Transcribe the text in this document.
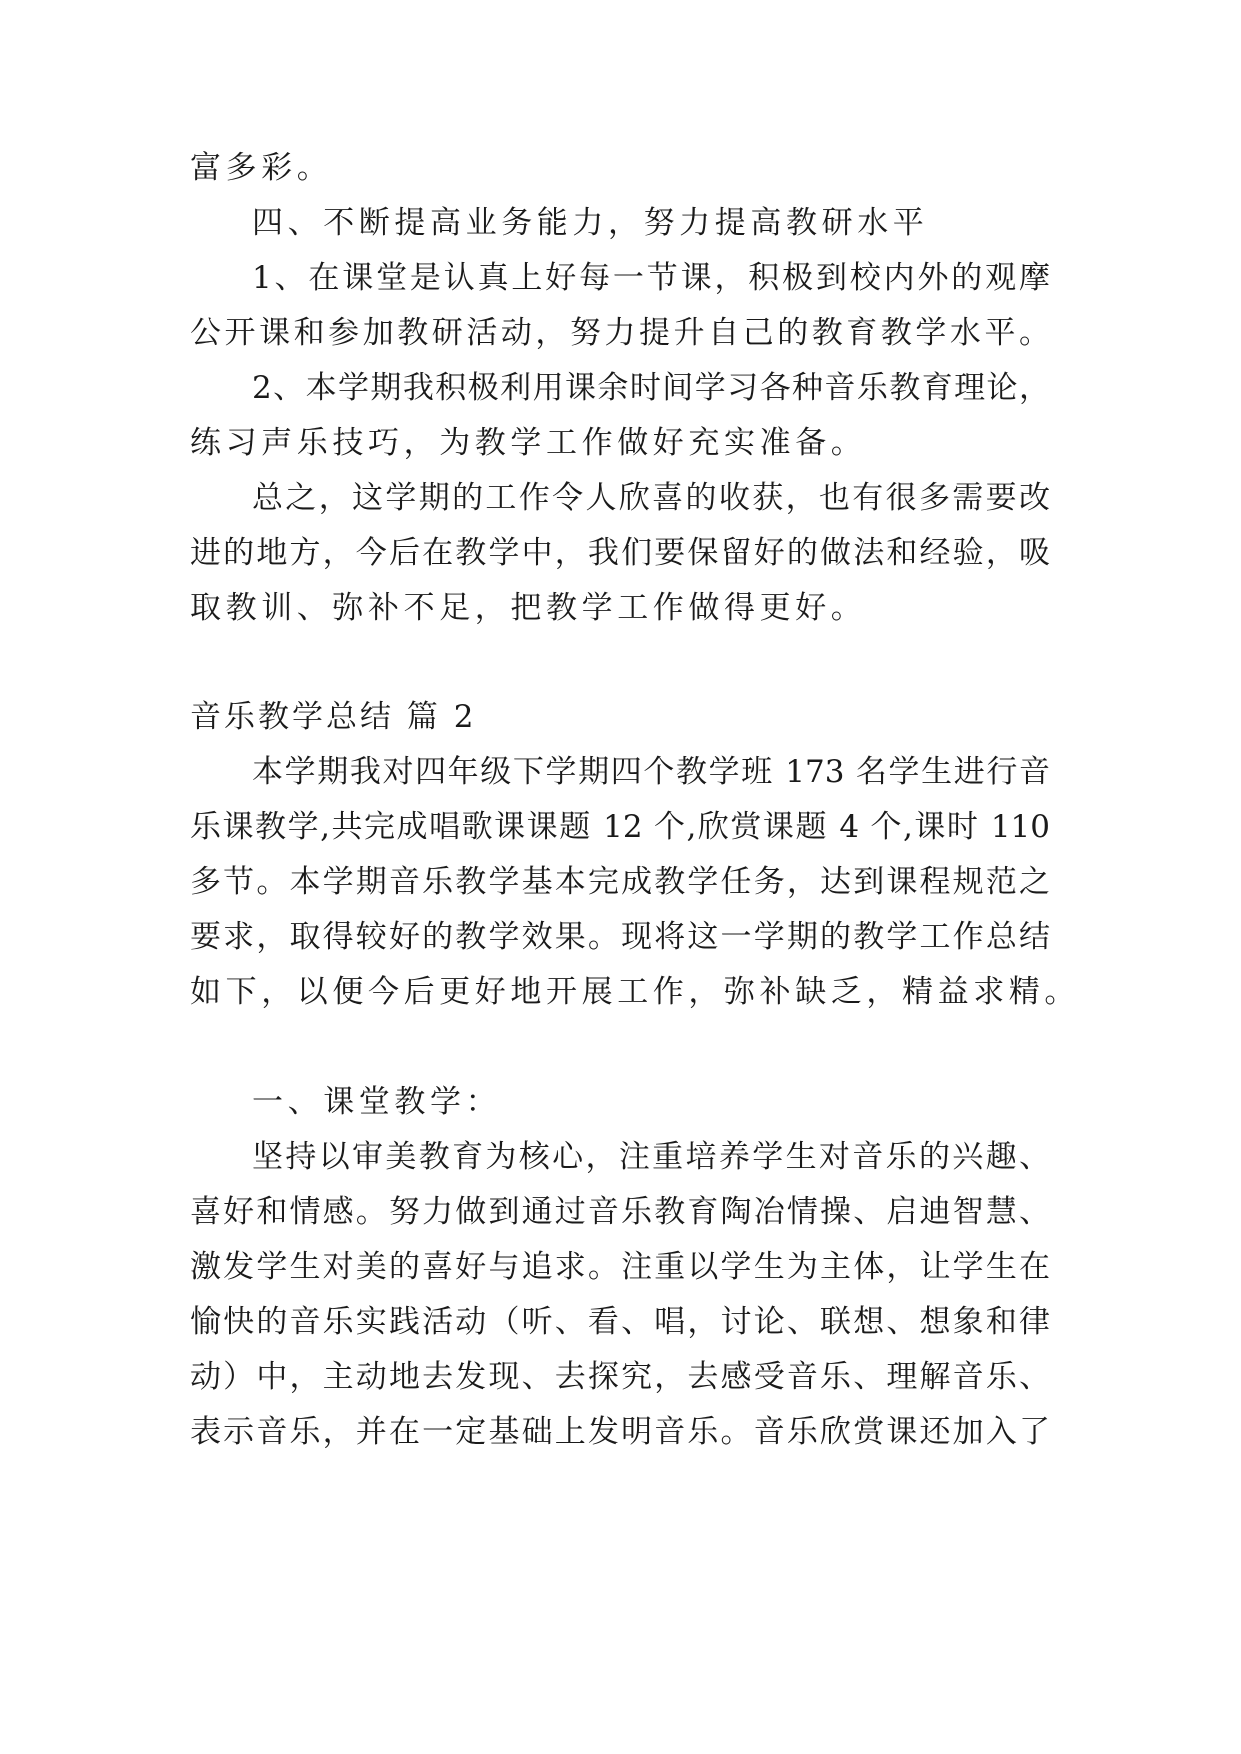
富多彩。
四、不断提高业务能力，努力提高教研水平
1、在课堂是认真上好每一节课，积极到校内外的观摩
公开课和参加教研活动，努力提升自己的教育教学水平。
2、本学期我积极利用课余时间学习各种音乐教育理论，
练习声乐技巧，为教学工作做好充实准备。
总之，这学期的工作令人欣喜的收获，也有很多需要改
进的地方，今后在教学中，我们要保留好的做法和经验，吸
取教训、弥补不足，把教学工作做得更好。
音乐教学总结 篇 2
本学期我对四年级下学期四个教学班 173 名学生进行音
乐课教学,共完成唱歌课课题 12 个,欣赏课题 4 个,课时 110
多节。本学期音乐教学基本完成教学任务，达到课程规范之
要求，取得较好的教学效果。现将这一学期的教学工作总结
如下，以便今后更好地开展工作，弥补缺乏，精益求精。
一、课堂教学：
坚持以审美教育为核心，注重培养学生对音乐的兴趣、
喜好和情感。努力做到通过音乐教育陶冶情操、启迪智慧、
激发学生对美的喜好与追求。注重以学生为主体，让学生在
愉快的音乐实践活动（听、看、唱，讨论、联想、想象和律
动）中，主动地去发现、去探究，去感受音乐、理解音乐、
表示音乐，并在一定基础上发明音乐。音乐欣赏课还加入了
